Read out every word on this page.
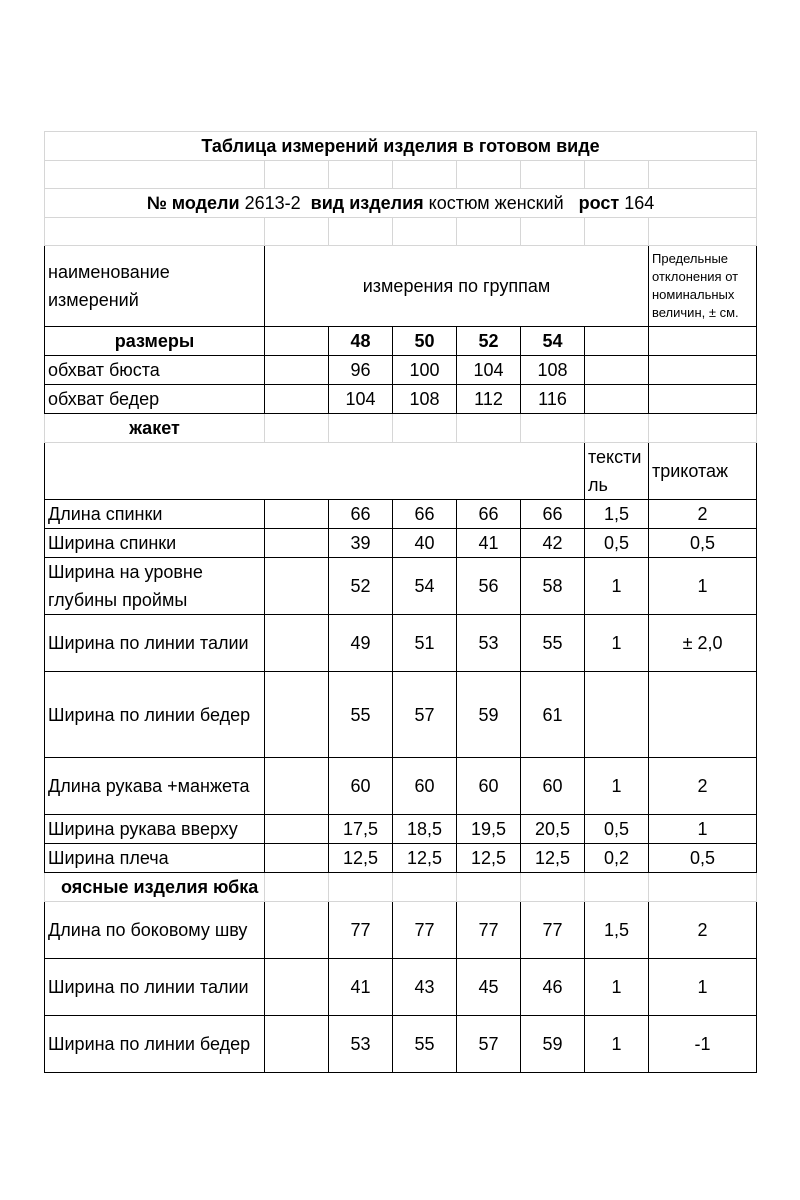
Таблица измерений изделия в готовом виде							

№ модели 2613-2 вид изделия костюм женский рост 164							

наименование измерений	измерения по группам						Предельные отклонения от номинальных величин, ± см.
размеры		48	50	52	54		
обхват бюста		96	100	104	108		
обхват бедер		104	108	112	116		
жакет							
						тексти ль	трикотаж
Длина спинки		66	66	66	66	1,5	2
Ширина спинки		39	40	41	42	0,5	0,5
Ширина на уровне глубины проймы		52	54	56	58	1	1
Ширина по линии талии		49	51	53	55	1	± 2,0
Ширина по линии бедер		55	57	59	61		
Длина рукава +манжета		60	60	60	60	1	2
Ширина рукава вверху		17,5	18,5	19,5	20,5	0,5	1
Ширина плеча		12,5	12,5	12,5	12,5	0,2	0,5
оясные изделия юбка							
Длина по боковому шву		77	77	77	77	1,5	2
Ширина по линии талии		41	43	45	46	1	1
Ширина по линии бедер		53	55	57	59	1	-1
